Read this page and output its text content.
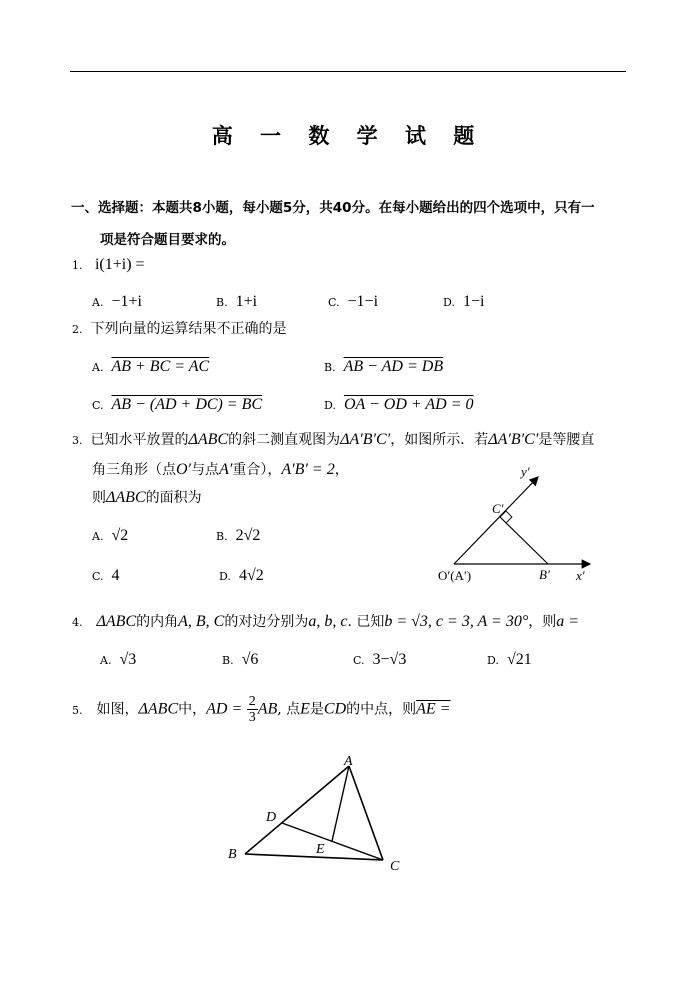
高 一 数 学 试 题
一、选择题：本题共8小题，每小题5分，共40分。在每小题给出的四个选项中，只有一
项是符合题目要求的。
1. i(1+i) =
A. −1+i	B. 1+i	C. −1−i	D. 1−i
2. 下列向量的运算结果不正确的是
A. AB + BC = AC	B. AB − AD = DB
C. AB − (AD + DC) = BC	D. OA − OD + AD = 0
3. 已知水平放置的ΔABC的斜二测直观图为ΔA′B′C′，如图所示．若ΔA′B′C′是等腰直
角三角形（点O′与点A′重合），A′B′ = 2，
则ΔABC的面积为
A. √2	B. 2√2
C. 4	D. 4√2	O′(A′)	B′
C′
x′
y′
4. ΔABC的内角A, B, C的对边分别为a, b, c. 已知b = √3, c = 3, A = 30°，则a =
A. √3	B. √6	C. 3−√3	D. √21
5. 如图，ΔABC中，AD = $\frac{2}{3}$ AB, 点E是CD的中点，则AE =
A
B
C
D
E
